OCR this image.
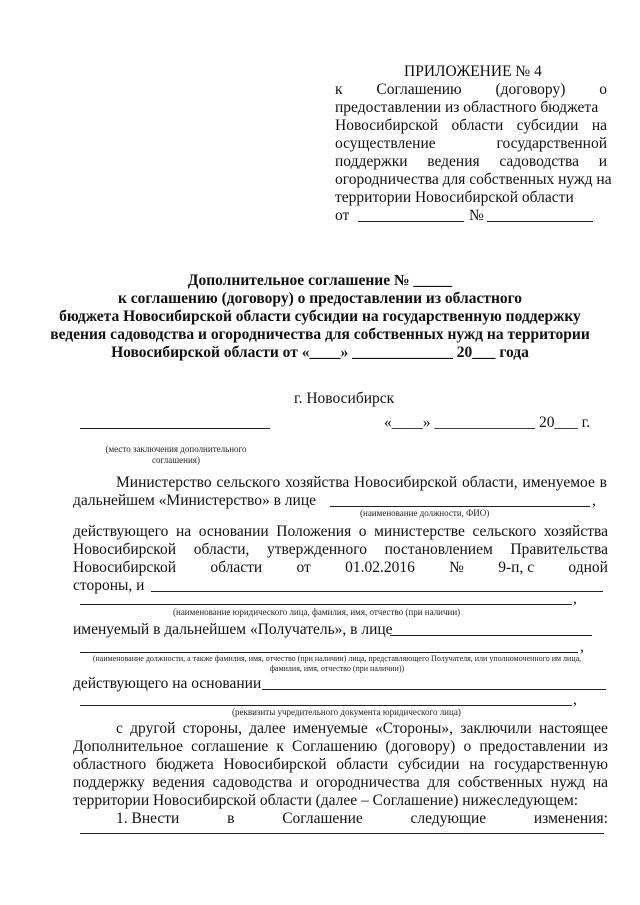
ПРИЛОЖЕНИЕ № 4
к Соглашению (договору) о
предоставлении из областного бюджета
Новосибирской области субсидии на
осуществление	государственной
поддержки ведения садоводства и
огородничества для собственных нужд на
территории Новосибирской области
от	№
Дополнительное соглашение № _____
к соглашению (договору) о предоставлении из областного
бюджета Новосибирской области субсидии на государственную поддержку
ведения садоводства и огородничества для собственных нужд на территории
Новосибирской области от «____» _____________ 20___ года
г. Новосибирск
«____» _____________ 20___ г.
(место заключения дополнительного
соглашения)
Министерство сельского хозяйства Новосибирской области, именуемое в
дальнейшем «Министерство» в лице	,
(наименование должности, ФИО)
действующего на основании Положения о министерстве сельского хозяйства
Новосибирской области, утвержденного постановлением Правительства
Новосибирской области от 01.02.2016 № 9-п, с одной
стороны, и
,
(наименование юридического лица, фамилия, имя, отчество (при наличии)
именуемый в дальнейшем «Получатель», в лице
,
(наименование должности, а также фамилия, имя, отчество (при наличии) лица, представляющего Получателя, или уполномоченного им лица,
фамилия, имя, отчество (при наличии))
действующего на основании
,
(реквизиты учредительного документа юридического лица)
с другой стороны, далее именуемые «Стороны», заключили настоящее
Дополнительное соглашение к Соглашению (договору) о предоставлении из
областного бюджета Новосибирской области субсидии на государственную
поддержку ведения садоводства и огородничества для собственных нужд на
территории Новосибирской области (далее – Соглашение) нижеследующем:
1. Внести	в	Соглашение	следующие	изменения:
